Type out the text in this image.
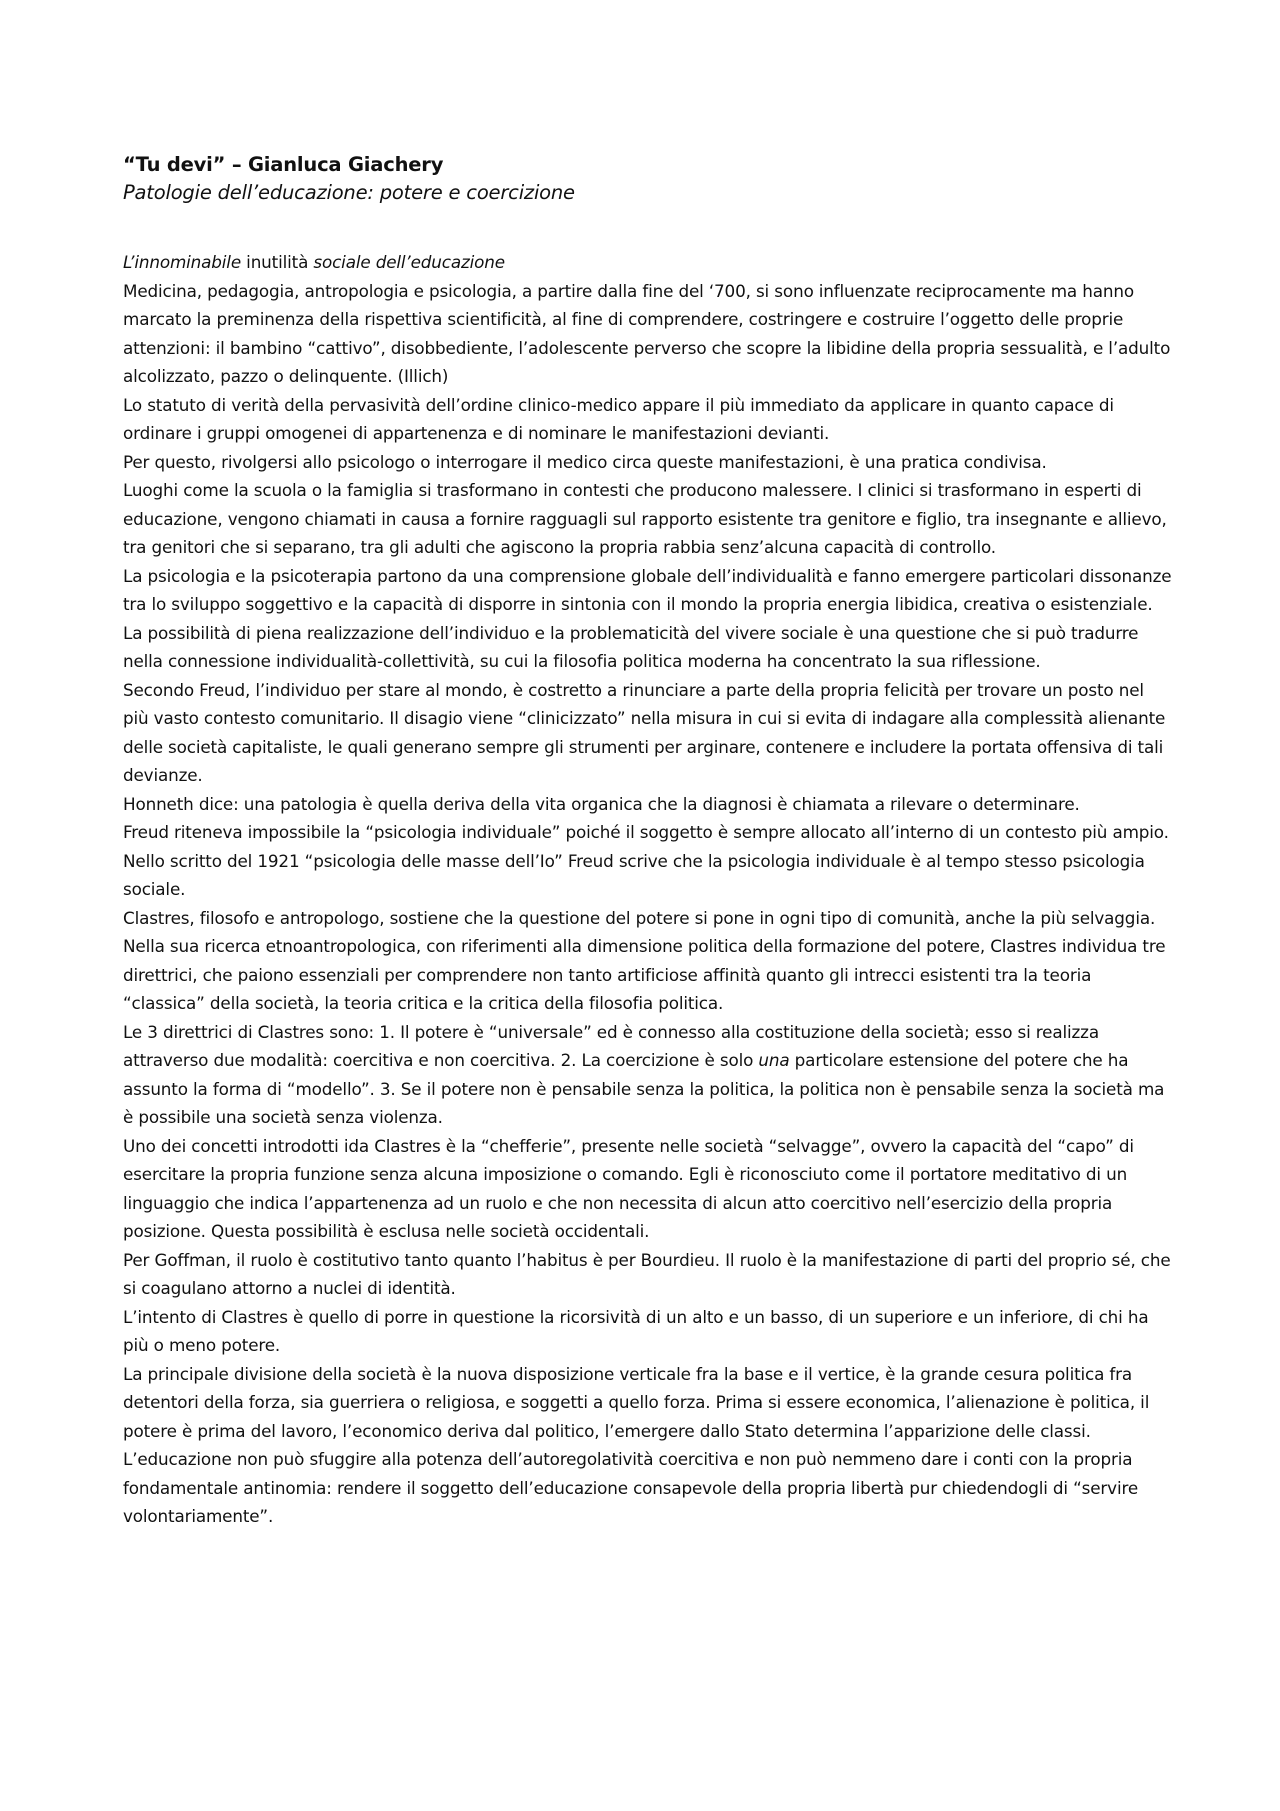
“Tu devi” – Gianluca Giachery

Patologie dell’educazione: potere e coercizione

L’innominabile inutilità sociale dell’educazione

Medicina, pedagogia, antropologia e psicologia, a partire dalla fine del ‘700, si sono influenzate reciprocamente ma hanno marcato la preminenza della rispettiva scientificità, al fine di comprendere, costringere e costruire l’oggetto delle proprie attenzioni: il bambino “cattivo”, disobbediente, l’adolescente perverso che scopre la libidine della propria sessualità, e l’adulto alcolizzato, pazzo o delinquente. (Illich)

Lo statuto di verità della pervasività dell’ordine clinico-medico appare il più immediato da applicare in quanto capace di ordinare i gruppi omogenei di appartenenza e di nominare le manifestazioni devianti.

Per questo, rivolgersi allo psicologo o interrogare il medico circa queste manifestazioni, è una pratica condivisa.

Luoghi come la scuola o la famiglia si trasformano in contesti che producono malessere. I clinici si trasformano in esperti di educazione, vengono chiamati in causa a fornire ragguagli sul rapporto esistente tra genitore e figlio, tra insegnante e allievo, tra genitori che si separano, tra gli adulti che agiscono la propria rabbia senz’alcuna capacità di controllo.

La psicologia e la psicoterapia partono da una comprensione globale dell’individualità e fanno emergere particolari dissonanze tra lo sviluppo soggettivo e la capacità di disporre in sintonia con il mondo la propria energia libidica, creativa o esistenziale.

La possibilità di piena realizzazione dell’individuo e la problematicità del vivere sociale è una questione che si può tradurre nella connessione individualità-collettività, su cui la filosofia politica moderna ha concentrato la sua riflessione.

Secondo Freud, l’individuo per stare al mondo, è costretto a rinunciare a parte della propria felicità per trovare un posto nel più vasto contesto comunitario. Il disagio viene “clinicizzato” nella misura in cui si evita di indagare alla complessità alienante delle società capitaliste, le quali generano sempre gli strumenti per arginare, contenere e includere la portata offensiva di tali devianze.

Honneth dice: una patologia è quella deriva della vita organica che la diagnosi è chiamata a rilevare o determinare.

Freud riteneva impossibile la “psicologia individuale” poiché il soggetto è sempre allocato all’interno di un contesto più ampio. Nello scritto del 1921 “psicologia delle masse dell’Io” Freud scrive che la psicologia individuale è al tempo stesso psicologia sociale.

Clastres, filosofo e antropologo, sostiene che la questione del potere si pone in ogni tipo di comunità, anche la più selvaggia. Nella sua ricerca etnoantropologica, con riferimenti alla dimensione politica della formazione del potere, Clastres individua tre direttrici, che paiono essenziali per comprendere non tanto artificiose affinità quanto gli intrecci esistenti tra la teoria “classica” della società, la teoria critica e la critica della filosofia politica.

Le 3 direttrici di Clastres sono: 1. Il potere è “universale” ed è connesso alla costituzione della società; esso si realizza attraverso due modalità: coercitiva e non coercitiva. 2. La coercizione è solo una particolare estensione del potere che ha assunto la forma di “modello”. 3. Se il potere non è pensabile senza la politica, la politica non è pensabile senza la società ma è possibile una società senza violenza.

Uno dei concetti introdotti ida Clastres è la “chefferie”, presente nelle società “selvagge”, ovvero la capacità del “capo” di esercitare la propria funzione senza alcuna imposizione o comando. Egli è riconosciuto come il portatore meditativo di un linguaggio che indica l’appartenenza ad un ruolo e che non necessita di alcun atto coercitivo nell’esercizio della propria posizione. Questa possibilità è esclusa nelle società occidentali.

Per Goffman, il ruolo è costitutivo tanto quanto l’habitus è per Bourdieu. Il ruolo è la manifestazione di parti del proprio sé, che si coagulano attorno a nuclei di identità.

L’intento di Clastres è quello di porre in questione la ricorsività di un alto e un basso, di un superiore e un inferiore, di chi ha più o meno potere.

La principale divisione della società è la nuova disposizione verticale fra la base e il vertice, è la grande cesura politica fra detentori della forza, sia guerriera o religiosa, e soggetti a quello forza. Prima si essere economica, l’alienazione è politica, il potere è prima del lavoro, l’economico deriva dal politico, l’emergere dallo Stato determina l’apparizione delle classi.

L’educazione non può sfuggire alla potenza dell’autoregolatività coercitiva e non può nemmeno dare i conti con la propria fondamentale antinomia: rendere il soggetto dell’educazione consapevole della propria libertà pur chiedendogli di “servire volontariamente”.
